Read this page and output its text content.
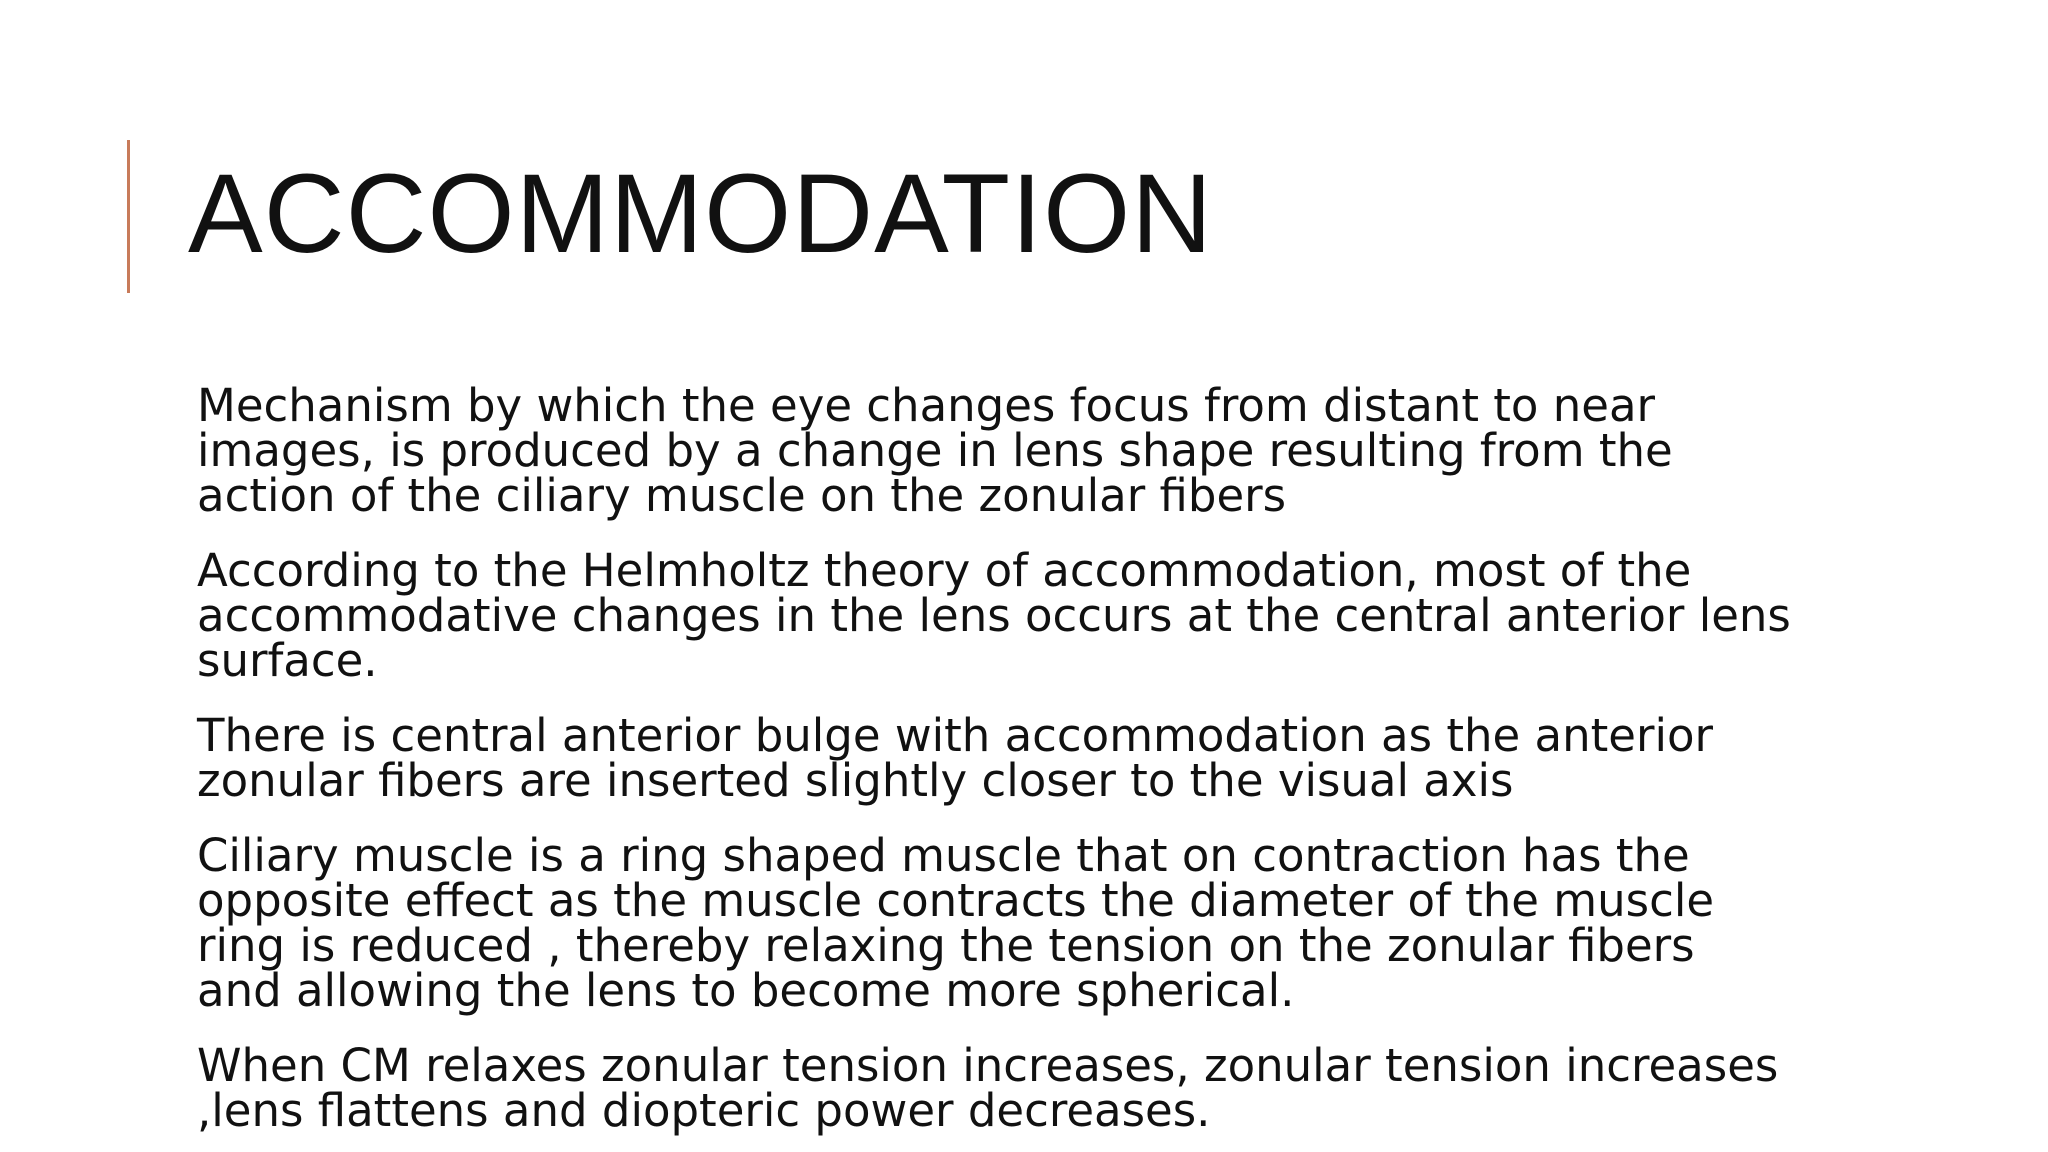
ACCOMMODATION

Mechanism by which the eye changes focus from distant to near
images, is produced by a change in lens shape resulting from the
action of the ciliary muscle on the zonular fibers

According to the Helmholtz theory of accommodation, most of the
accommodative changes in the lens occurs at the central anterior lens
surface.

There is central anterior bulge with accommodation as the anterior
zonular fibers are inserted slightly closer to the visual axis

Ciliary muscle is a ring shaped muscle that on contraction has the
opposite effect as the muscle contracts the diameter of the muscle
ring is reduced , thereby relaxing the tension on the zonular fibers
and allowing the lens to become more spherical.

When CM relaxes zonular tension increases, zonular tension increases
,lens flattens and diopteric power decreases.
